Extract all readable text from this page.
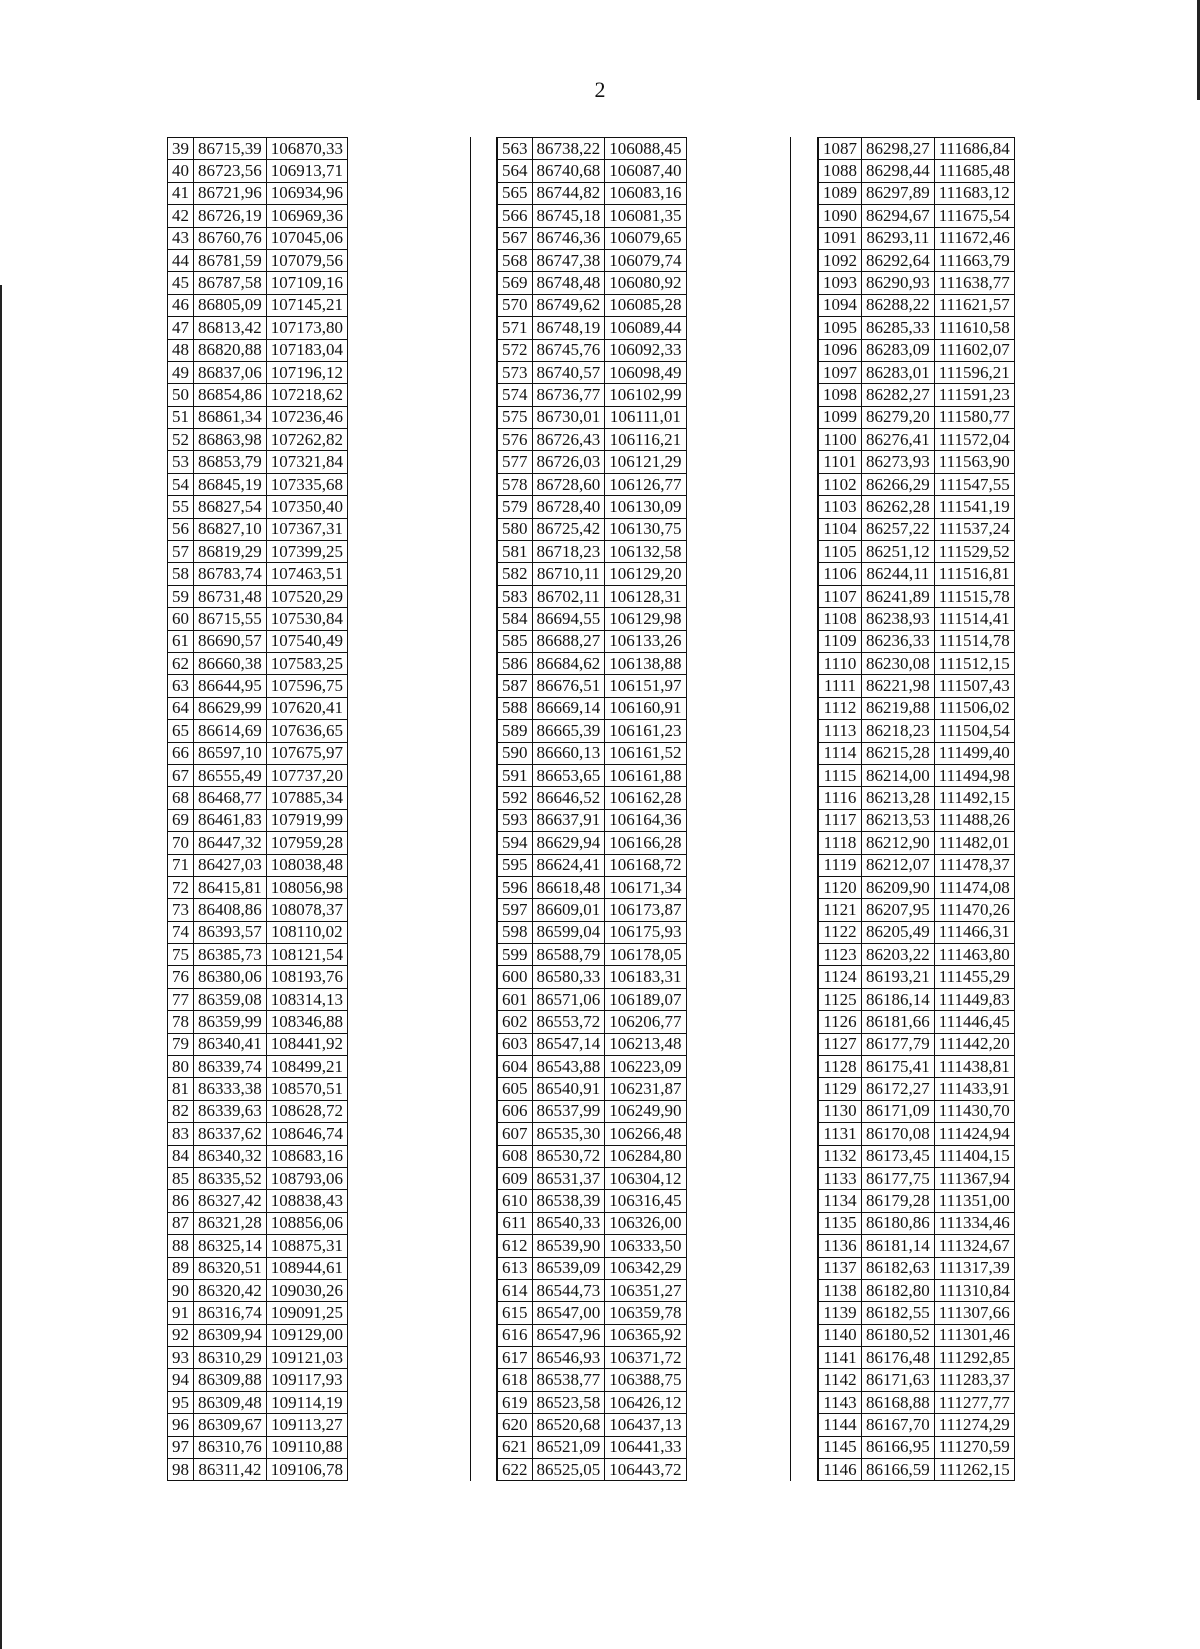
2
39	86715,39	106870,33
40	86723,56	106913,71
41	86721,96	106934,96
42	86726,19	106969,36
43	86760,76	107045,06
44	86781,59	107079,56
45	86787,58	107109,16
46	86805,09	107145,21
47	86813,42	107173,80
48	86820,88	107183,04
49	86837,06	107196,12
50	86854,86	107218,62
51	86861,34	107236,46
52	86863,98	107262,82
53	86853,79	107321,84
54	86845,19	107335,68
55	86827,54	107350,40
56	86827,10	107367,31
57	86819,29	107399,25
58	86783,74	107463,51
59	86731,48	107520,29
60	86715,55	107530,84
61	86690,57	107540,49
62	86660,38	107583,25
63	86644,95	107596,75
64	86629,99	107620,41
65	86614,69	107636,65
66	86597,10	107675,97
67	86555,49	107737,20
68	86468,77	107885,34
69	86461,83	107919,99
70	86447,32	107959,28
71	86427,03	108038,48
72	86415,81	108056,98
73	86408,86	108078,37
74	86393,57	108110,02
75	86385,73	108121,54
76	86380,06	108193,76
77	86359,08	108314,13
78	86359,99	108346,88
79	86340,41	108441,92
80	86339,74	108499,21
81	86333,38	108570,51
82	86339,63	108628,72
83	86337,62	108646,74
84	86340,32	108683,16
85	86335,52	108793,06
86	86327,42	108838,43
87	86321,28	108856,06
88	86325,14	108875,31
89	86320,51	108944,61
90	86320,42	109030,26
91	86316,74	109091,25
92	86309,94	109129,00
93	86310,29	109121,03
94	86309,88	109117,93
95	86309,48	109114,19
96	86309,67	109113,27
97	86310,76	109110,88
98	86311,42	109106,78
563	86738,22	106088,45
564	86740,68	106087,40
565	86744,82	106083,16
566	86745,18	106081,35
567	86746,36	106079,65
568	86747,38	106079,74
569	86748,48	106080,92
570	86749,62	106085,28
571	86748,19	106089,44
572	86745,76	106092,33
573	86740,57	106098,49
574	86736,77	106102,99
575	86730,01	106111,01
576	86726,43	106116,21
577	86726,03	106121,29
578	86728,60	106126,77
579	86728,40	106130,09
580	86725,42	106130,75
581	86718,23	106132,58
582	86710,11	106129,20
583	86702,11	106128,31
584	86694,55	106129,98
585	86688,27	106133,26
586	86684,62	106138,88
587	86676,51	106151,97
588	86669,14	106160,91
589	86665,39	106161,23
590	86660,13	106161,52
591	86653,65	106161,88
592	86646,52	106162,28
593	86637,91	106164,36
594	86629,94	106166,28
595	86624,41	106168,72
596	86618,48	106171,34
597	86609,01	106173,87
598	86599,04	106175,93
599	86588,79	106178,05
600	86580,33	106183,31
601	86571,06	106189,07
602	86553,72	106206,77
603	86547,14	106213,48
604	86543,88	106223,09
605	86540,91	106231,87
606	86537,99	106249,90
607	86535,30	106266,48
608	86530,72	106284,80
609	86531,37	106304,12
610	86538,39	106316,45
611	86540,33	106326,00
612	86539,90	106333,50
613	86539,09	106342,29
614	86544,73	106351,27
615	86547,00	106359,78
616	86547,96	106365,92
617	86546,93	106371,72
618	86538,77	106388,75
619	86523,58	106426,12
620	86520,68	106437,13
621	86521,09	106441,33
622	86525,05	106443,72
1087	86298,27	111686,84
1088	86298,44	111685,48
1089	86297,89	111683,12
1090	86294,67	111675,54
1091	86293,11	111672,46
1092	86292,64	111663,79
1093	86290,93	111638,77
1094	86288,22	111621,57
1095	86285,33	111610,58
1096	86283,09	111602,07
1097	86283,01	111596,21
1098	86282,27	111591,23
1099	86279,20	111580,77
1100	86276,41	111572,04
1101	86273,93	111563,90
1102	86266,29	111547,55
1103	86262,28	111541,19
1104	86257,22	111537,24
1105	86251,12	111529,52
1106	86244,11	111516,81
1107	86241,89	111515,78
1108	86238,93	111514,41
1109	86236,33	111514,78
1110	86230,08	111512,15
1111	86221,98	111507,43
1112	86219,88	111506,02
1113	86218,23	111504,54
1114	86215,28	111499,40
1115	86214,00	111494,98
1116	86213,28	111492,15
1117	86213,53	111488,26
1118	86212,90	111482,01
1119	86212,07	111478,37
1120	86209,90	111474,08
1121	86207,95	111470,26
1122	86205,49	111466,31
1123	86203,22	111463,80
1124	86193,21	111455,29
1125	86186,14	111449,83
1126	86181,66	111446,45
1127	86177,79	111442,20
1128	86175,41	111438,81
1129	86172,27	111433,91
1130	86171,09	111430,70
1131	86170,08	111424,94
1132	86173,45	111404,15
1133	86177,75	111367,94
1134	86179,28	111351,00
1135	86180,86	111334,46
1136	86181,14	111324,67
1137	86182,63	111317,39
1138	86182,80	111310,84
1139	86182,55	111307,66
1140	86180,52	111301,46
1141	86176,48	111292,85
1142	86171,63	111283,37
1143	86168,88	111277,77
1144	86167,70	111274,29
1145	86166,95	111270,59
1146	86166,59	111262,15
